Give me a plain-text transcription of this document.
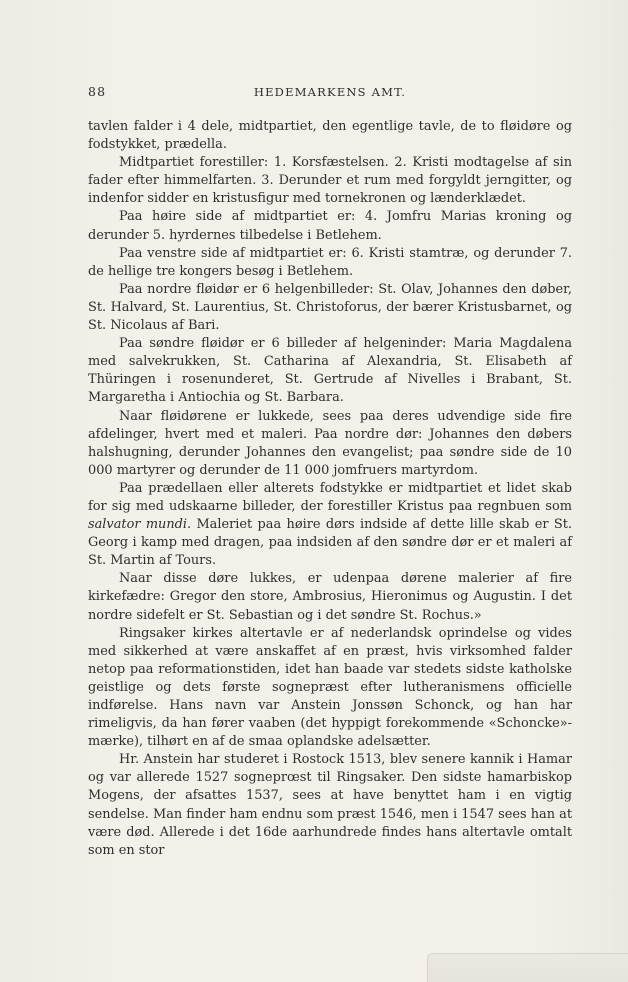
88	HEDEMARKENS AMT.

tavlen falder i 4 dele, midtpartiet, den egentlige tavle, de to fløidøre og fodstykket, prædella.

Midtpartiet forestiller: 1. Korsfæstelsen. 2. Kristi modtagelse af sin fader efter himmelfarten. 3. Derunder et rum med forgyldt jerngitter, og indenfor sidder en kristusfigur med tornekronen og lænderklædet.

Paa høire side af midtpartiet er: 4. Jomfru Marias kroning og derunder 5. hyrdernes tilbedelse i Betlehem.

Paa venstre side af midtpartiet er: 6. Kristi stamtræ, og derunder 7. de hellige tre kongers besøg i Betlehem.

Paa nordre fløidør er 6 helgenbilleder: St. Olav, Johannes den døber, St. Halvard, St. Laurentius, St. Christoforus, der bærer Kristusbarnet, og St. Nicolaus af Bari.

Paa søndre fløidør er 6 billeder af helgeninder: Maria Magdalena med salvekrukken, St. Catharina af Alexandria, St. Elisabeth af Thüringen i rosenunderet, St. Gertrude af Nivelles i Brabant, St. Margaretha i Antiochia og St. Barbara.

Naar fløidørene er lukkede, sees paa deres udvendige side fire afdelinger, hvert med et maleri. Paa nordre dør: Johannes den døbers halshugning, derunder Johannes den evangelist; paa søndre side de 10 000 martyrer og derunder de 11 000 jomfruers martyrdom.

Paa prædellaen eller alterets fodstykke er midtpartiet et lidet skab for sig med udskaarne billeder, der forestiller Kristus paa regnbuen som salvator mundi. Maleriet paa høire dørs indside af dette lille skab er St. Georg i kamp med dragen, paa indsiden af den søndre dør er et maleri af St. Martin af Tours.

Naar disse døre lukkes, er udenpaa dørene malerier af fire kirkefædre: Gregor den store, Ambrosius, Hieronimus og Augustin. I det nordre sidefelt er St. Sebastian og i det søndre St. Rochus.»

Ringsaker kirkes altertavle er af nederlandsk oprindelse og vides med sikkerhed at være anskaffet af en præst, hvis virksomhed falder netop paa reformationstiden, idet han baade var stedets sidste katholske geistlige og dets første sognepræst efter lutheranismens officielle indførelse. Hans navn var Anstein Jonssøn Schonck, og han har rimeligvis, da han fører vaaben (det hyppigt forekommende «Schoncke»-mærke), tilhørt en af de smaa oplandske adelsætter.

Hr. Anstein har studeret i Rostock 1513, blev senere kannik i Hamar og var allerede 1527 sogneprœst til Ringsaker. Den sidste hamarbiskop Mogens, der afsattes 1537, sees at have benyttet ham i en vigtig sendelse. Man finder ham endnu som præst 1546, men i 1547 sees han at være død. Allerede i det 16de aarhundrede findes hans altertavle omtalt som en stor
